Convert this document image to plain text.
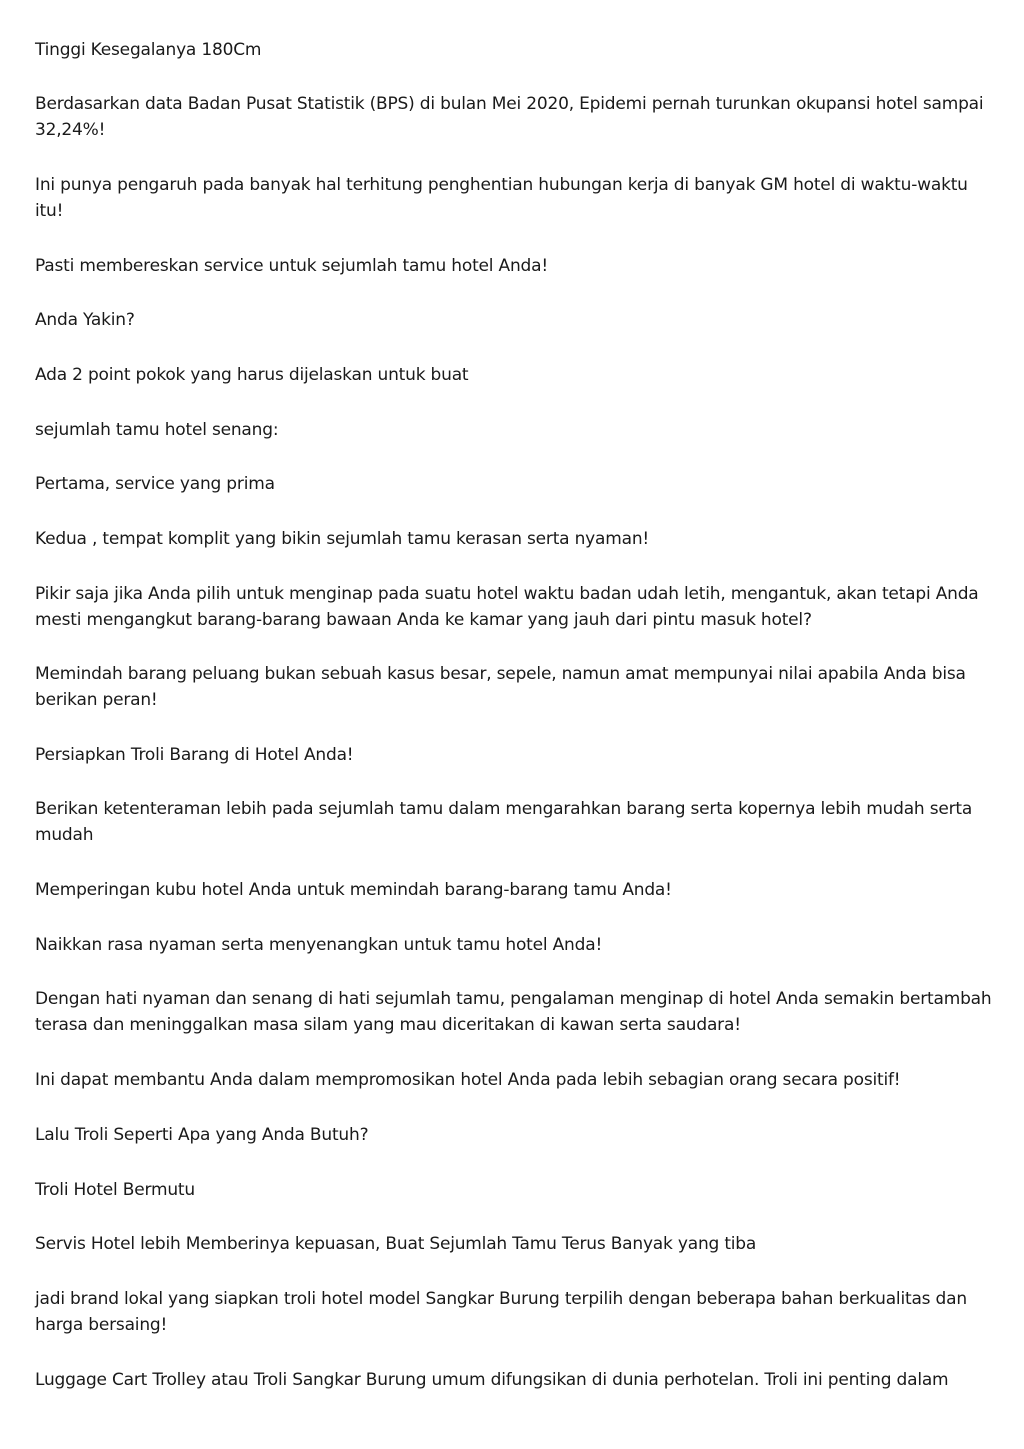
Tinggi Kesegalanya 180Cm

Berdasarkan data Badan Pusat Statistik (BPS) di bulan Mei 2020, Epidemi pernah turunkan okupansi hotel sampai 32,24%!

Ini punya pengaruh pada banyak hal terhitung penghentian hubungan kerja di banyak GM hotel di waktu-waktu itu!

Pasti membereskan service untuk sejumlah tamu hotel Anda!

Anda Yakin?

Ada 2 point pokok yang harus dijelaskan untuk buat

sejumlah tamu hotel senang:

Pertama, service yang prima

Kedua , tempat komplit yang bikin sejumlah tamu kerasan serta nyaman!

Pikir saja jika Anda pilih untuk menginap pada suatu hotel waktu badan udah letih, mengantuk, akan tetapi Anda mesti mengangkut barang-barang bawaan Anda ke kamar yang jauh dari pintu masuk hotel?

Memindah barang peluang bukan sebuah kasus besar, sepele, namun amat mempunyai nilai apabila Anda bisa berikan peran!

Persiapkan Troli Barang di Hotel Anda!

Berikan ketenteraman lebih pada sejumlah tamu dalam mengarahkan barang serta kopernya lebih mudah serta mudah

Memperingan kubu hotel Anda untuk memindah barang-barang tamu Anda!

Naikkan rasa nyaman serta menyenangkan untuk tamu hotel Anda!

Dengan hati nyaman dan senang di hati sejumlah tamu, pengalaman menginap di hotel Anda semakin bertambah terasa dan meninggalkan masa silam yang mau diceritakan di kawan serta saudara!

Ini dapat membantu Anda dalam mempromosikan hotel Anda pada lebih sebagian orang secara positif!

Lalu Troli Seperti Apa yang Anda Butuh?

Troli Hotel Bermutu

Servis Hotel lebih Memberinya kepuasan, Buat Sejumlah Tamu Terus Banyak yang tiba

jadi brand lokal yang siapkan troli hotel model Sangkar Burung terpilih dengan beberapa bahan berkualitas dan harga bersaing!

Luggage Cart Trolley atau Troli Sangkar Burung umum difungsikan di dunia perhotelan. Troli ini penting dalam
